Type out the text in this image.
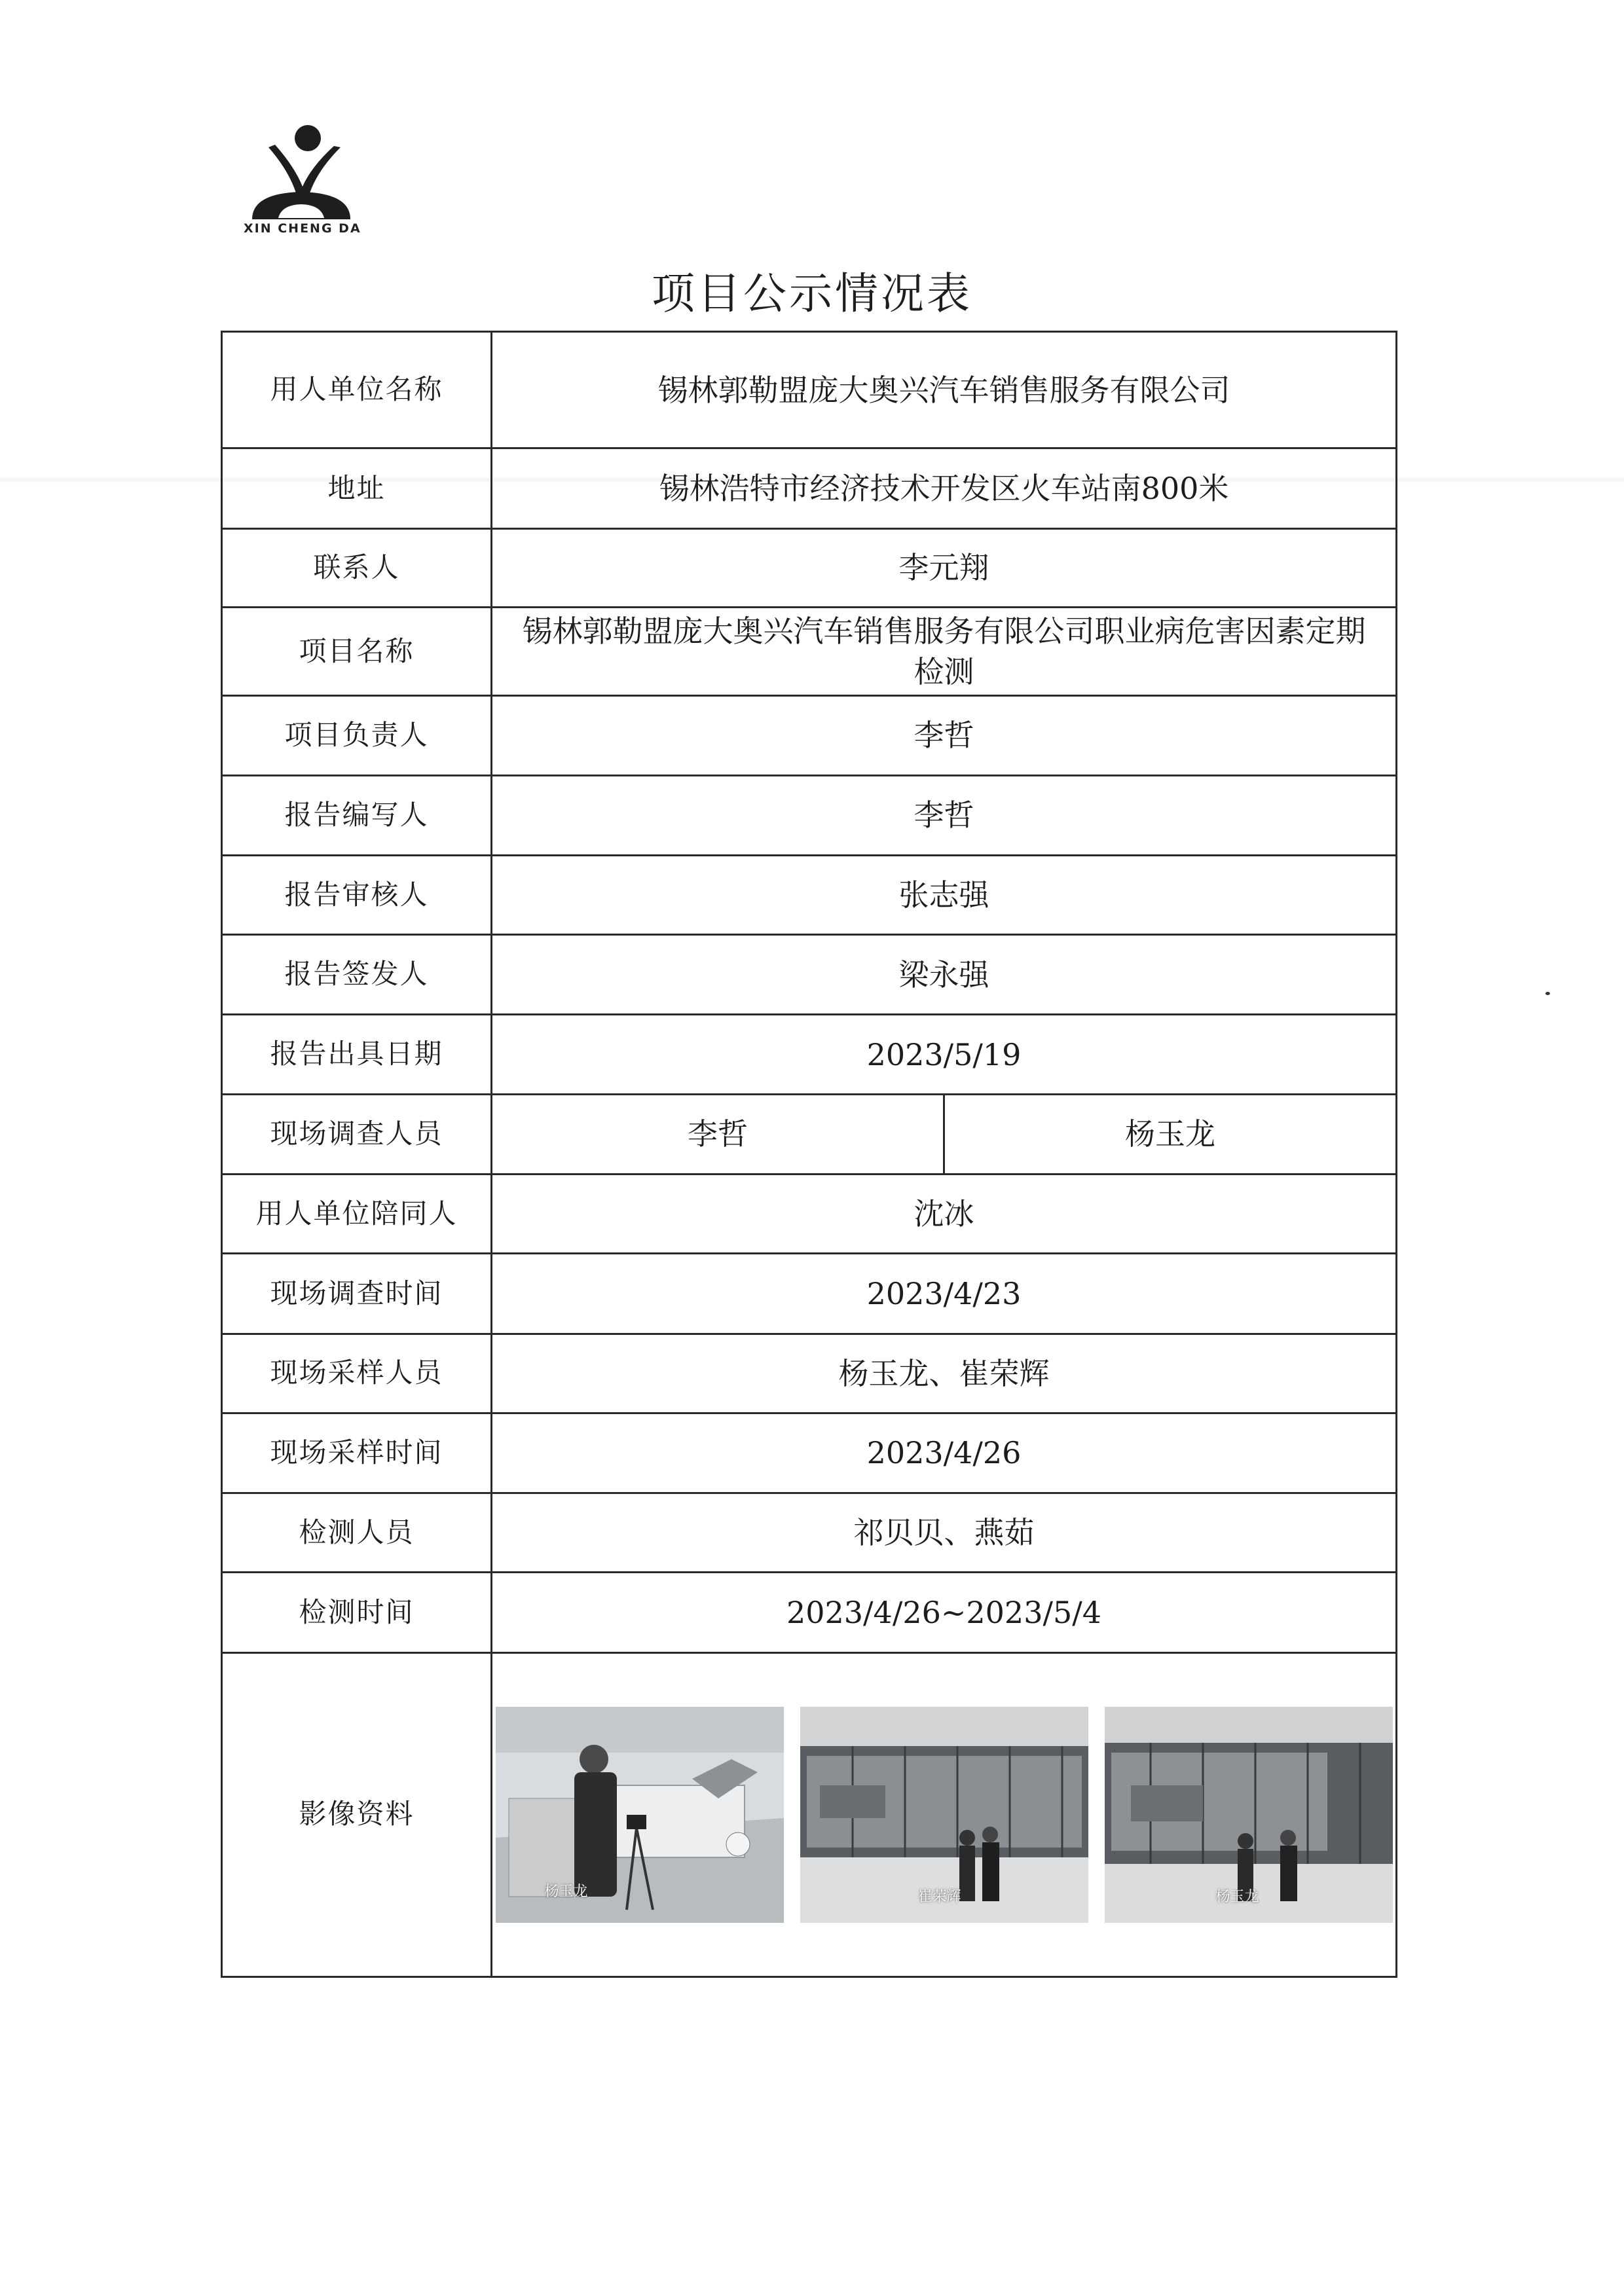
XIN CHENG DA
项目公示情况表
用人单位名称	锡林郭勒盟庞大奥兴汽车销售服务有限公司	
地址	锡林浩特市经济技术开发区火车站南800米	
联系人	李元翔	
项目名称	锡林郭勒盟庞大奥兴汽车销售服务有限公司职业病危害因素定期检测	
项目负责人	李哲	
报告编写人	李哲	
报告审核人	张志强	
报告签发人	梁永强	
报告出具日期	2023/5/19	
现场调查人员	李哲	杨玉龙
用人单位陪同人	沈冰	
现场调查时间	2023/4/23	
现场采样人员	杨玉龙、崔荣辉	
现场采样时间	2023/4/26	
检测人员	祁贝贝、燕茹	
检测时间	2023/4/26~2023/5/4	
影像资料	杨玉龙 崔荣辉 杨玉龙	
